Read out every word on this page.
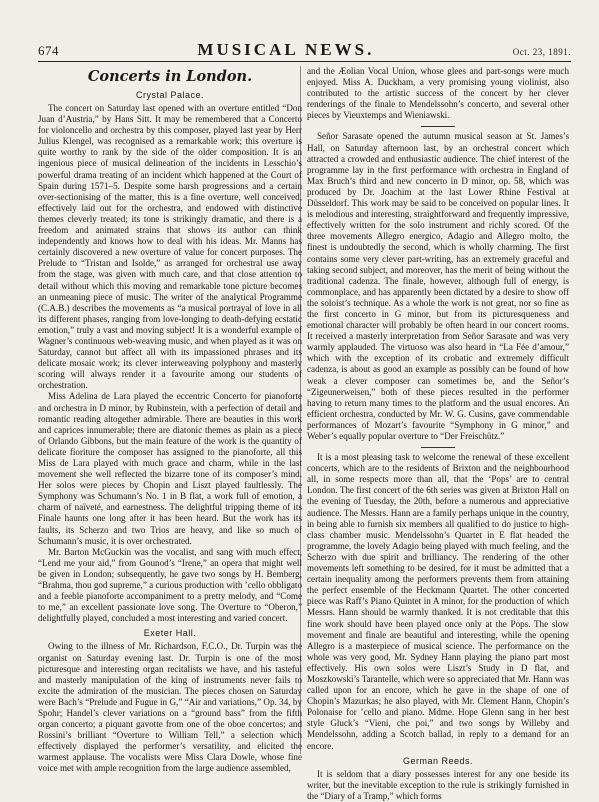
674	MUSICAL NEWS.	Oct. 23, 1891.
Concerts in London.
Crystal Palace.

The concert on Saturday last opened with an overture entitled “Don Juan d’Austria,” by Hans Sitt. It may be remembered that a Concerto for violoncello and orchestra by this composer, played last year by Herr Julius Klengel, was recognised as a remarkable work; this overture is quite worthy to rank by the side of the older composition. It is an ingenious piece of musical delineation of the incidents in Lesschio’s powerful drama treating of an incident which happened at the Court of Spain during 1571–5. Despite some harsh progressions and a certain over-sectionising of the matter, this is a fine overture, well conceived, effectively laid out for the orchestra, and endowed with distinctive themes cleverly treated; its tone is strikingly dramatic, and there is a freedom and animated strains that shows its author can think independently and knows how to deal with his ideas. Mr. Manns has certainly discovered a new overture of value for concert purposes. The Prelude to “Tristan and Isolde,” as arranged for orchestral use away from the stage, was given with much care, and that close attention to detail without which this moving and remarkable tone picture becomes an unmeaning piece of music. The writer of the analytical Programme (C.A.B.) describes the movements as “a musical portrayal of love in all its different phases, ranging from love-longing to death-defying ecstatic emotion,” truly a vast and moving subject! It is a wonderful example of Wagner’s continuous web-weaving music, and when played as it was on Saturday, cannot but affect all with its impassioned phrases and its delicate mosaic work; its clever interweaving polyphony and masterly scoring will always render it a favourite among our students of orchestration.

Miss Adelina de Lara played the eccentric Concerto for pianoforte and orchestra in D minor, by Rubinstein, with a perfection of detail and romantic reading altogether admirable. There are beauties in this work and caprices innumerable; there are diatonic themes as plain as a piece of Orlando Gibbons, but the main feature of the work is the quantity of delicate fioriture the composer has assigned to the pianoforte, all this Miss de Lara played with much grace and charm, while in the last movement she well reflected the bizarre tone of its composer’s mind. Her solos were pieces by Chopin and Liszt played faultlessly. The Symphony was Schumann’s No. 1 in B flat, a work full of emotion, a charm of naïveté, and earnestness. The delightful tripping theme of its Finale haunts one long after it has been heard. But the work has its faults, its Scherzo and two Trios are heavy, and like so much of Schumann’s music, it is over orchestrated.

Mr. Barton McGuckin was the vocalist, and sang with much effect, “Lend me your aid,” from Gounod’s “Irene,” an opera that might well be given in London; subsequently, he gave two songs by H. Bemberg, “Brahma, thou god supreme,” a curious production with ’cello obbligato and a feeble pianoforte accompaniment to a pretty melody, and “Come to me,” an excellent passionate love song. The Overture to “Oberon,” delightfully played, concluded a most interesting and varied concert.

Exeter Hall.

Owing to the illness of Mr. Richardson, F.C.O., Dr. Turpin was the organist on Saturday evening last. Dr. Turpin is one of the most picturesque and interesting organ recitalists we have, and his tasteful and masterly manipulation of the king of instruments never fails to excite the admiration of the musician. The pieces chosen on Saturday were Bach’s “Prelude and Fugue in G,” “Air and variations,” Op. 34, by Spohr; Handel’s clever variations on a “ground bass” from the fifth organ concerto; a piquant gavotte from one of the oboe concertos; and Rossini’s brilliant “Overture to William Tell,” a selection which effectively displayed the performer’s versatility, and elicited the warmest applause. The vocalists were Miss Clara Dowle, whose fine voice met with ample recognition from the large audience assembled,

and the Æolian Vocal Union, whose glees and part-songs were much enjoyed. Miss A. Duckham, a very promising young violinist, also contributed to the artistic success of the concert by her clever renderings of the finale to Mendelssohn’s concerto, and several other pieces by Vieuxtemps and Wieniawski.

Señor Sarasate opened the autumn musical season at St. James’s Hall, on Saturday afternoon last, by an orchestral concert which attracted a crowded and enthusiastic audience. The chief interest of the programme lay in the first performance with orchestra in England of Max Bruch’s third and new concerto in D minor, op. 58, which was produced by Dr. Joachim at the last Lower Rhine Festival at Düsseldorf. This work may be said to be conceived on popular lines. It is melodious and interesting, straightforward and frequently impressive, effectively written for the solo instrument and richly scored. Of the three movements Allegro energico, Adagio and Allegro molto, the finest is undoubtedly the second, which is wholly charming. The first contains some very clever part-writing, has an extremely graceful and taking second subject, and moreover, has the merit of being without the traditional cadenza. The finale, however, although full of energy, is commonplace, and has apparently been dictated by a desire to show off the soloist’s technique. As a whole the work is not great, nor so fine as the first concerto in G minor, but from its picturesqueness and emotional character will probably be often heard in our concert rooms. It received a masterly interpretation from Señor Sarasate and was very warmly applauded. The virtuoso was also heard in “La Fée d’amour,” which with the exception of its crobatic and extremely difficult cadenza, is about as good an example as possibly can be found of how weak a clever composer can sometimes be, and the Señor’s “Zigeunerweisen,” both of these pieces resulted in the performer having to return many times to the platform and the usual encores. An efficient orchestra, conducted by Mr. W. G. Cusins, gave commendable performances of Mozart’s favourite “Symphony in G minor,” and Weber’s equally popular overture to “Der Freischütz.”

It is a most pleasing task to welcome the renewal of these excellent concerts, which are to the residents of Brixton and the neighbourhood all, in some respects more than all, that the ‘Pops’ are to central London. The first concert of the 6th series was given at Brixton Hall on the evening of Tuesday, the 20th, before a numerous and appreciative audience. The Messrs. Hann are a family perhaps unique in the country, in being able to furnish six members all qualified to do justice to high-class chamber music. Mendelssohn’s Quartet in E flat headed the programme, the lovely Adagio being played with much feeling, and the Scherzo with due spirit and brilliancy. The rendering of the other movements left something to be desired, for it must be admitted that a certain inequality among the performers prevents them from attaining the perfect ensemble of the Heckmann Quartet. The other concerted piece was Raff’s Piano Quintet in A minor, for the production of which Messrs. Hann should be warmly thanked. It is not creditable that this fine work should have been played once only at the Pops. The slow movement and finale are beautiful and interesting, while the opening Allegro is a masterpiece of musical science. The performance on the whole was very good, Mr. Sydney Hann playing the piano part most effectively. His own solos were Liszt’s Study in D flat, and Moszkowski’s Tarantelle, which were so appreciated that Mr. Hann was called upon for an encore, which he gave in the shape of one of Chopin’s Mazurkas; he also played, with Mr. Clement Hann, Chopin’s Polonaise for ’cello and piano. Mdme. Hope Glenn sang in her best style Gluck’s “Vieni, che poi,” and two songs by Willeby and Mendelssohn, adding a Scotch ballad, in reply to a demand for an encore.

German Reeds.

It is seldom that a diary possesses interest for any one beside its writer, but the inevitable exception to the rule is strikingly furnished in the “Diary of a Tramp,” which forms
